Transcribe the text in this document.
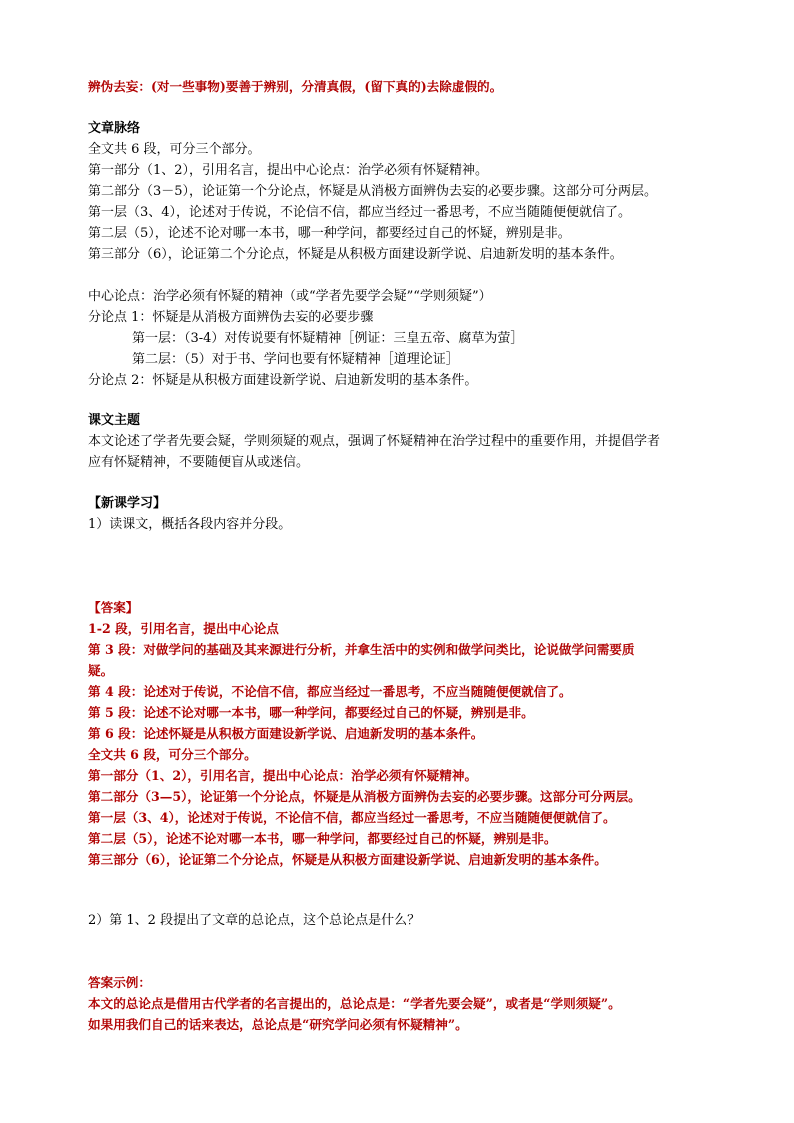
辨伪去妄：(对一些事物)要善于辨别，分清真假，(留下真的)去除虚假的。
文章脉络
全文共 6 段，可分三个部分。
第一部分（1、2），引用名言，提出中心论点：治学必须有怀疑精神。
第二部分（3－5），论证第一个分论点，怀疑是从消极方面辨伪去妄的必要步骤。这部分可分两层。
第一层（3、4），论述对于传说，不论信不信，都应当经过一番思考，不应当随随便便就信了。
第二层（5），论述不论对哪一本书，哪一种学问，都要经过自己的怀疑，辨别是非。
第三部分（6），论证第二个分论点，怀疑是从积极方面建设新学说、启迪新发明的基本条件。
中心论点：治学必须有怀疑的精神（或“学者先要学会疑”“学则须疑”）
分论点 1：怀疑是从消极方面辨伪去妄的必要步骤
第一层：（3-4）对传说要有怀疑精神［例证：三皇五帝、腐草为萤］
第二层：（5）对于书、学问也要有怀疑精神［道理论证］
分论点 2：怀疑是从积极方面建设新学说、启迪新发明的基本条件。
课文主题
本文论述了学者先要会疑，学则须疑的观点，强调了怀疑精神在治学过程中的重要作用，并提倡学者
应有怀疑精神，不要随便盲从或迷信。
【新课学习】
1）读课文，概括各段内容并分段。
【答案】
1-2 段，引用名言，提出中心论点
第 3 段：对做学问的基础及其来源进行分析，并拿生活中的实例和做学问类比，论说做学问需要质
疑。
第 4 段：论述对于传说，不论信不信，都应当经过一番思考，不应当随随便便就信了。
第 5 段：论述不论对哪一本书，哪一种学问，都要经过自己的怀疑，辨别是非。
第 6 段：论述怀疑是从积极方面建设新学说、启迪新发明的基本条件。
全文共 6 段，可分三个部分。
第一部分（1、2），引用名言，提出中心论点：治学必须有怀疑精神。
第二部分（3—5），论证第一个分论点，怀疑是从消极方面辨伪去妄的必要步骤。这部分可分两层。
第一层（3、4），论述对于传说，不论信不信，都应当经过一番思考，不应当随随便便就信了。
第二层（5），论述不论对哪一本书，哪一种学问，都要经过自己的怀疑，辨别是非。
第三部分（6），论证第二个分论点，怀疑是从积极方面建设新学说、启迪新发明的基本条件。
2）第 1、2 段提出了文章的总论点，这个总论点是什么？
答案示例：
本文的总论点是借用古代学者的名言提出的，总论点是：“学者先要会疑”，或者是“学则须疑”。
如果用我们自己的话来表达，总论点是“研究学问必须有怀疑精神”。
